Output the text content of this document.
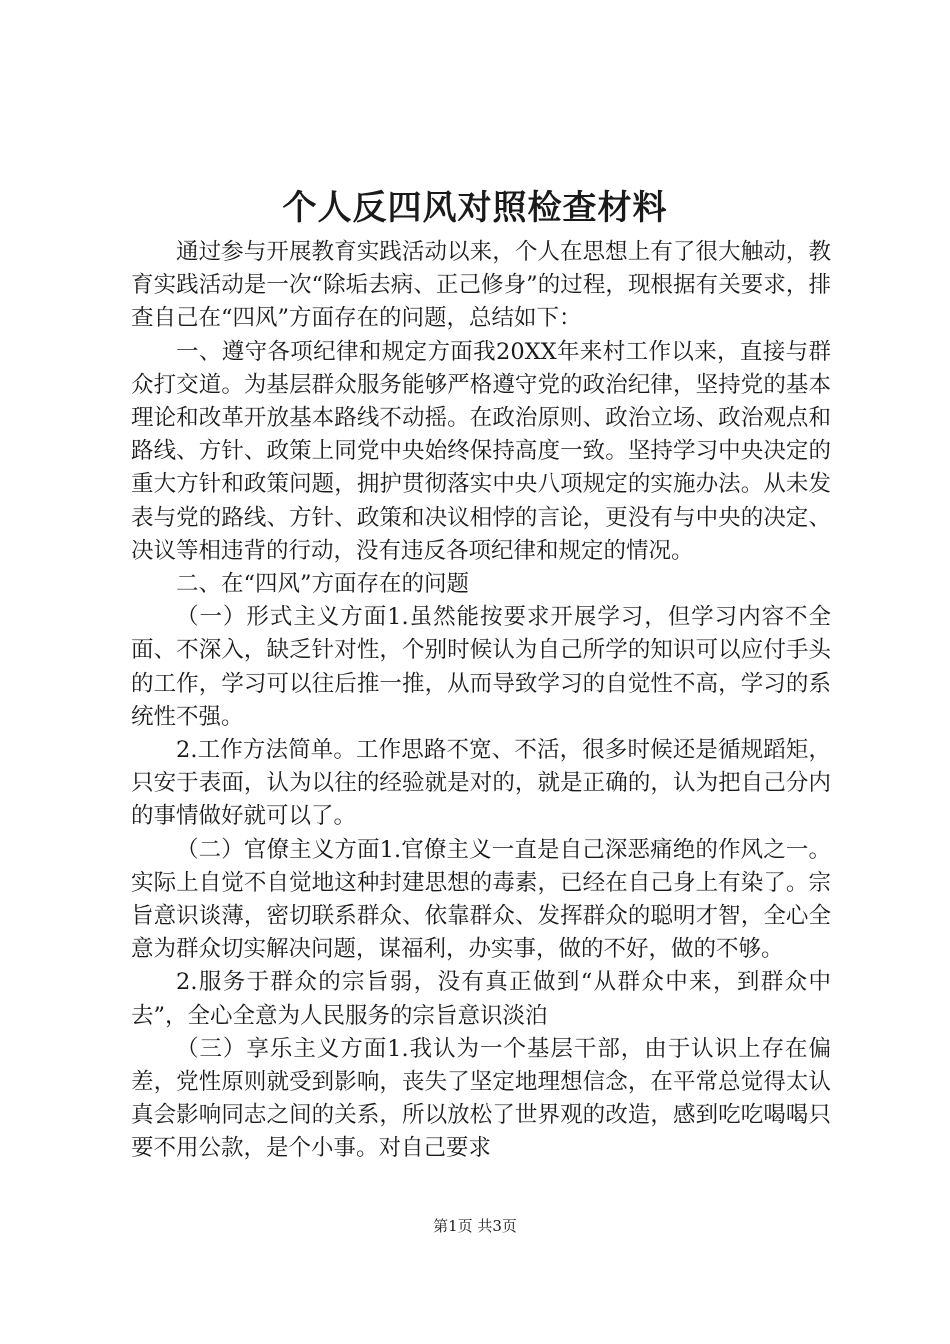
个人反四风对照检查材料

通过参与开展教育实践活动以来，个人在思想上有了很大触动，教育实践活动是一次“除垢去病、正己修身”的过程，现根据有关要求，排查自己在“四风”方面存在的问题，总结如下：

一、遵守各项纪律和规定方面我20XX年来村工作以来，直接与群众打交道。为基层群众服务能够严格遵守党的政治纪律，坚持党的基本理论和改革开放基本路线不动摇。在政治原则、政治立场、政治观点和路线、方针、政策上同党中央始终保持高度一致。坚持学习中央决定的重大方针和政策问题，拥护贯彻落实中央八项规定的实施办法。从未发表与党的路线、方针、政策和决议相悖的言论，更没有与中央的决定、决议等相违背的行动，没有违反各项纪律和规定的情况。

二、在“四风”方面存在的问题

（一）形式主义方面1.虽然能按要求开展学习，但学习内容不全面、不深入，缺乏针对性，个别时候认为自己所学的知识可以应付手头的工作，学习可以往后推一推，从而导致学习的自觉性不高，学习的系统性不强。

2.工作方法简单。工作思路不宽、不活，很多时候还是循规蹈矩，只安于表面，认为以往的经验就是对的，就是正确的，认为把自己分内的事情做好就可以了。

（二）官僚主义方面1.官僚主义一直是自己深恶痛绝的作风之一。实际上自觉不自觉地这种封建思想的毒素，已经在自己身上有染了。宗旨意识谈薄，密切联系群众、依靠群众、发挥群众的聪明才智，全心全意为群众切实解决问题，谋福利，办实事，做的不好，做的不够。

2.服务于群众的宗旨弱，没有真正做到“从群众中来，到群众中去”，全心全意为人民服务的宗旨意识淡泊

（三）享乐主义方面1.我认为一个基层干部，由于认识上存在偏差，党性原则就受到影响，丧失了坚定地理想信念，在平常总觉得太认真会影响同志之间的关系，所以放松了世界观的改造，感到吃吃喝喝只要不用公款，是个小事。对自己要求

第1页 共3页
